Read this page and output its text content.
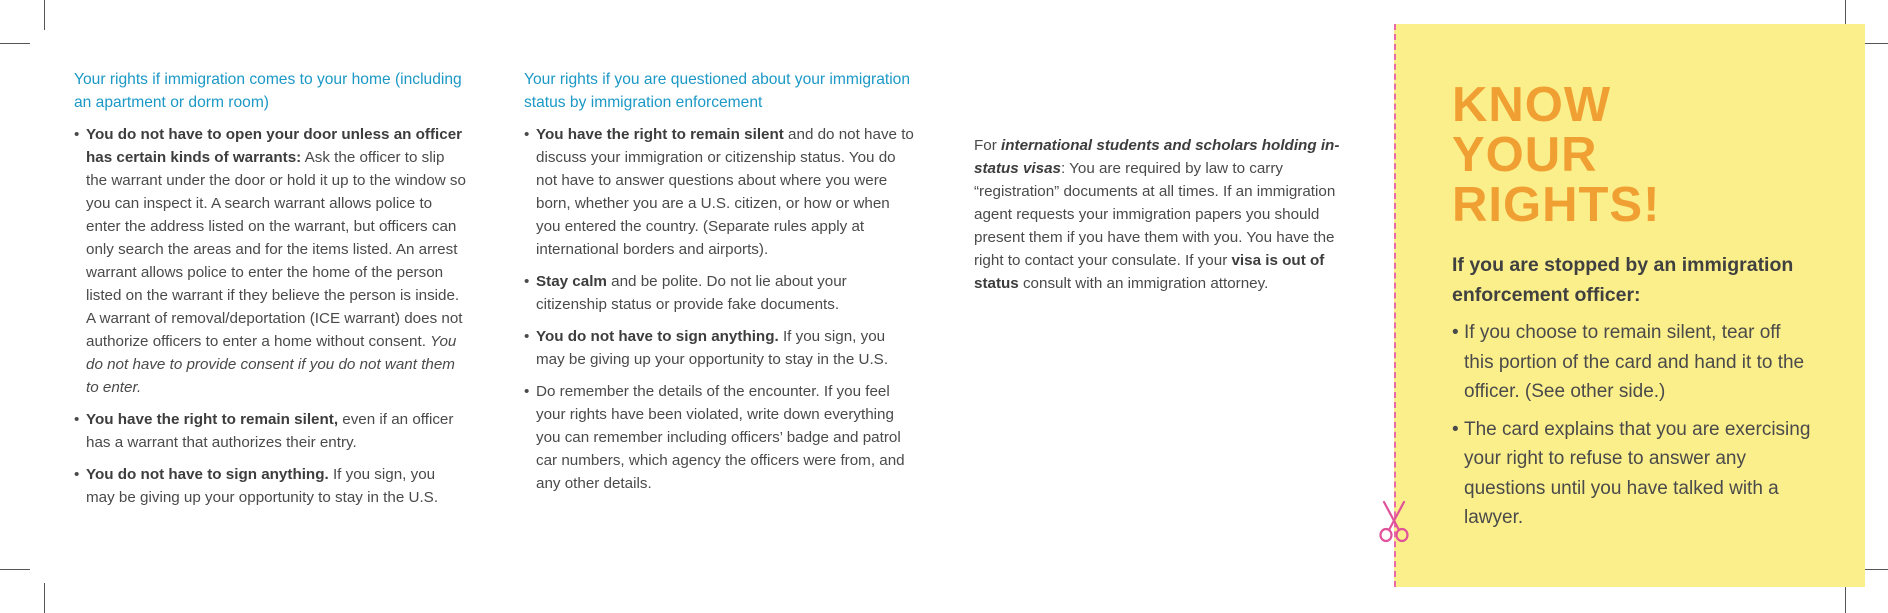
Your rights if immigration comes to your home (including an apartment or dorm room)
• You do not have to open your door unless an officer has certain kinds of warrants: Ask the officer to slip the warrant under the door or hold it up to the window so you can inspect it. A search warrant allows police to enter the address listed on the warrant, but officers can only search the areas and for the items listed. An arrest warrant allows police to enter the home of the person listed on the warrant if they believe the person is inside. A warrant of removal/deportation (ICE warrant) does not authorize officers to enter a home without consent. You do not have to provide consent if you do not want them to enter.
• You have the right to remain silent, even if an officer has a warrant that authorizes their entry.
• You do not have to sign anything. If you sign, you may be giving up your opportunity to stay in the U.S.
Your rights if you are questioned about your immigration status by immigration enforcement
• You have the right to remain silent and do not have to discuss your immigration or citizenship status. You do not have to answer questions about where you were born, whether you are a U.S. citizen, or how or when you entered the country. (Separate rules apply at international borders and airports).
• Stay calm and be polite. Do not lie about your citizenship status or provide fake documents.
• You do not have to sign anything. If you sign, you may be giving up your opportunity to stay in the U.S.
• Do remember the details of the encounter. If you feel your rights have been violated, write down everything you can remember including officers’ badge and patrol car numbers, which agency the officers were from, and any other details.

For international students and scholars holding in-status visas: You are required by law to carry “registration” documents at all times. If an immigration agent requests your immigration papers you should present them if you have them with you. You have the right to contact your consulate. If your visa is out of status consult with an immigration attorney.

KNOW
YOUR
RIGHTS!
If you are stopped by an immigration enforcement officer:
• If you choose to remain silent, tear off this portion of the card and hand it to the officer. (See other side.)
• The card explains that you are exercising your right to refuse to answer any questions until you have talked with a lawyer.
